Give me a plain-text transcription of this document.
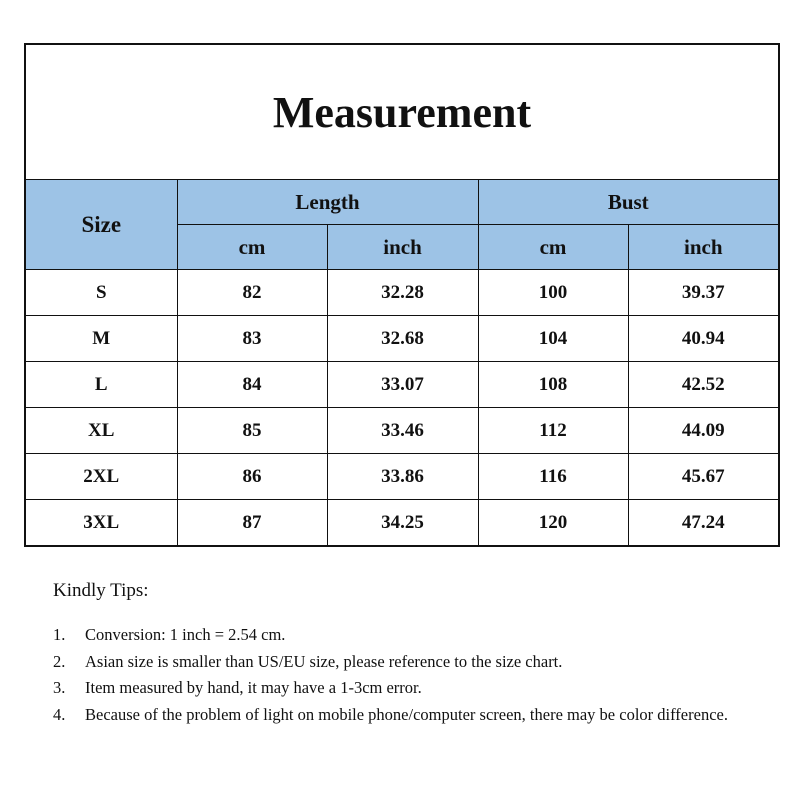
Measurement				
Size	Length		Bust	
	cm	inch	cm	inch
S	82	32.28	100	39.37
M	83	32.68	104	40.94
L	84	33.07	108	42.52
XL	85	33.46	112	44.09
2XL	86	33.86	116	45.67
3XL	87	34.25	120	47.24
Kindly Tips:
1.	Conversion: 1 inch = 2.54 cm.
2.	Asian size is smaller than US/EU size, please reference to the size chart.
3.	Item measured by hand, it may have a 1-3cm error.
4.	Because of the problem of light on mobile phone/computer screen, there may be color difference.
